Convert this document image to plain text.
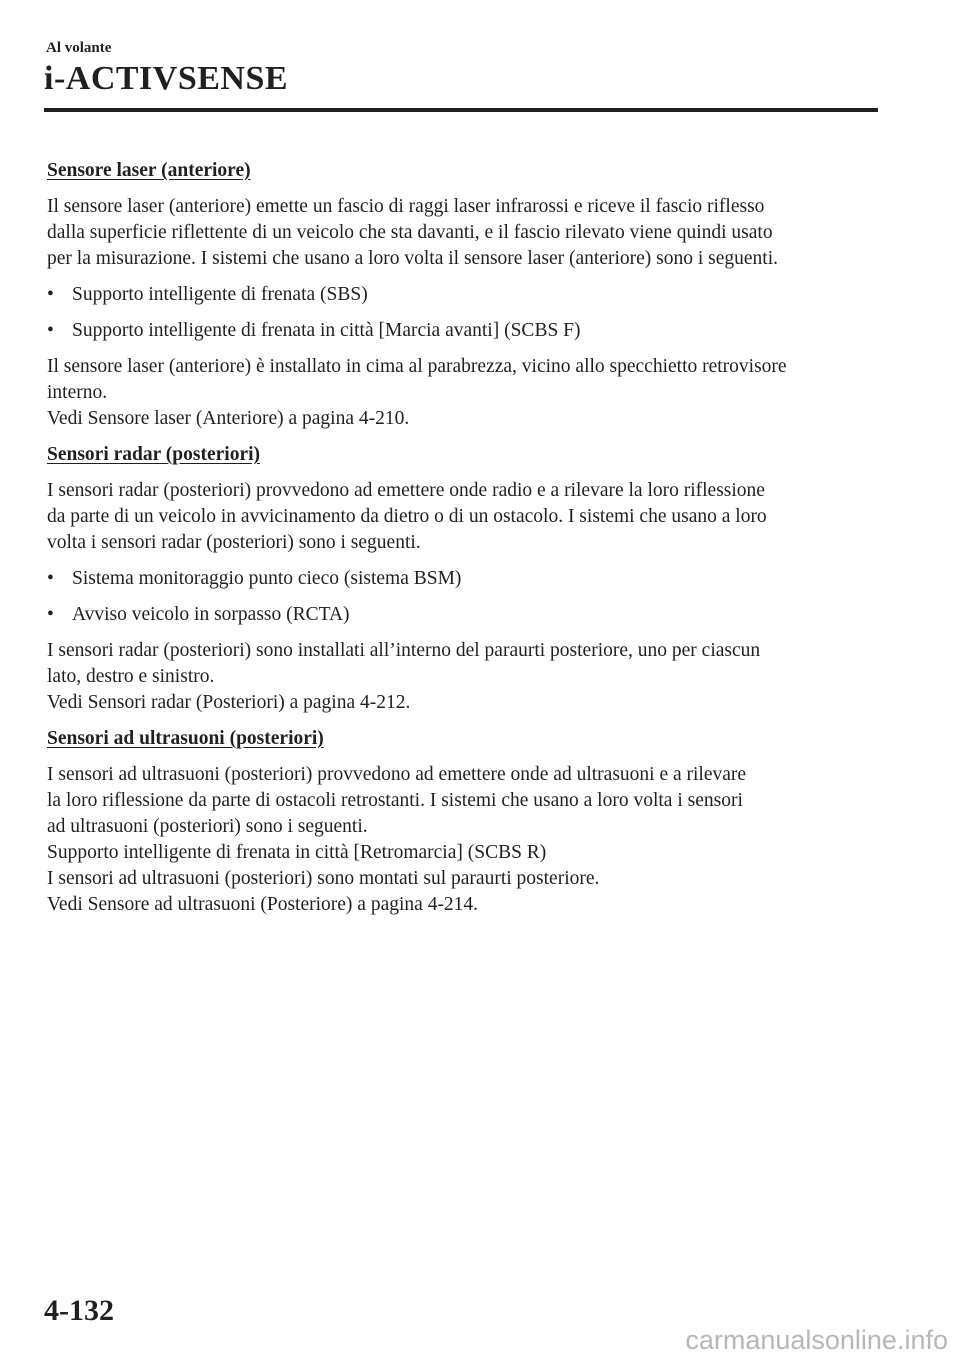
Al volante
i-ACTIVSENSE
Sensore laser (anteriore)
Il sensore laser (anteriore) emette un fascio di raggi laser infrarossi e riceve il fascio riflesso
dalla superficie riflettente di un veicolo che sta davanti, e il fascio rilevato viene quindi usato
per la misurazione. I sistemi che usano a loro volta il sensore laser (anteriore) sono i seguenti.
• Supporto intelligente di frenata (SBS)
• Supporto intelligente di frenata in città [Marcia avanti] (SCBS F)
Il sensore laser (anteriore) è installato in cima al parabrezza, vicino allo specchietto retrovisore
interno.
Vedi Sensore laser (Anteriore) a pagina 4-210.
Sensori radar (posteriori)
I sensori radar (posteriori) provvedono ad emettere onde radio e a rilevare la loro riflessione
da parte di un veicolo in avvicinamento da dietro o di un ostacolo. I sistemi che usano a loro
volta i sensori radar (posteriori) sono i seguenti.
• Sistema monitoraggio punto cieco (sistema BSM)
• Avviso veicolo in sorpasso (RCTA)
I sensori radar (posteriori) sono installati all’interno del paraurti posteriore, uno per ciascun
lato, destro e sinistro.
Vedi Sensori radar (Posteriori) a pagina 4-212.
Sensori ad ultrasuoni (posteriori)
I sensori ad ultrasuoni (posteriori) provvedono ad emettere onde ad ultrasuoni e a rilevare
la loro riflessione da parte di ostacoli retrostanti. I sistemi che usano a loro volta i sensori
ad ultrasuoni (posteriori) sono i seguenti.
Supporto intelligente di frenata in città [Retromarcia] (SCBS R)
I sensori ad ultrasuoni (posteriori) sono montati sul paraurti posteriore.
Vedi Sensore ad ultrasuoni (Posteriore) a pagina 4-214.
4-132
carmanualsonline.info
